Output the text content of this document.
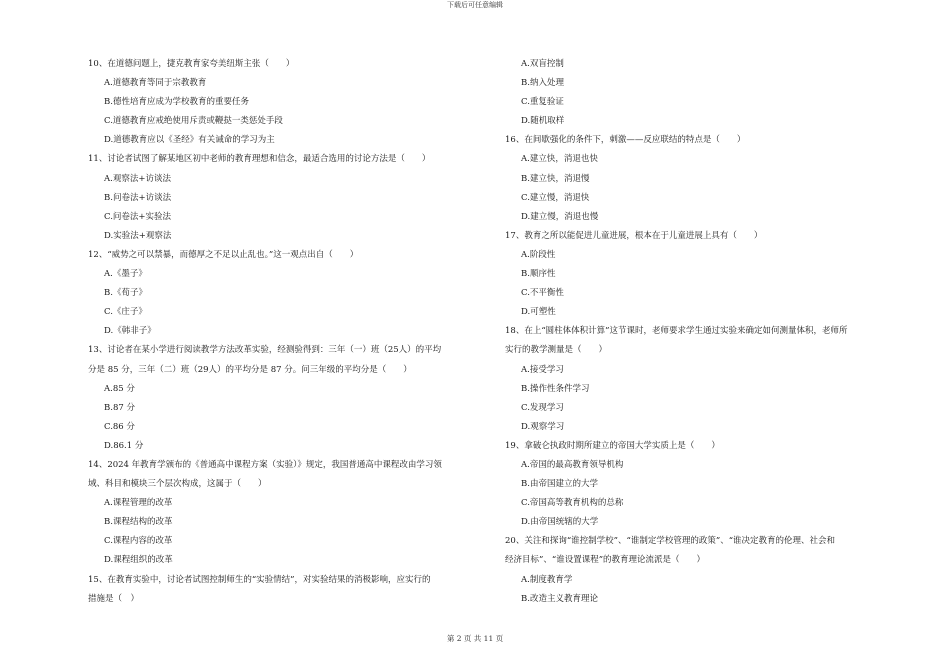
下载后可任意编辑
10、在道德问题上，捷克教育家夸美纽斯主张（　　）
A.道德教育等同于宗教教育
B.德性培育应成为学校教育的重要任务
C.道德教育应戒绝使用斥责或鞭挞一类惩处手段
D.道德教育应以《圣经》有关诫命的学习为主
11、讨论者试图了解某地区初中老师的教育理想和信念，最适合选用的讨论方法是（　　）
A.观察法+访谈法
B.问卷法+访谈法
C.问卷法+实验法
D.实验法+观察法
12、“威势之可以禁暴，而德厚之不足以止乱也。”这一观点出自（　　）
A.《墨子》
B.《荀子》
C.《庄子》
D.《韩非子》
13、讨论者在某小学进行阅读教学方法改革实验，经测验得到：三年（一）班（25人）的平均
分是 85 分，三年（二）班（29人）的平均分是 87 分。问三年级的平均分是（　　）
A.85 分
B.87 分
C.86 分
D.86.1 分
14、2024 年教育学颁布的《普通高中课程方案（实验）》规定，我国普通高中课程改由学习领
域、科目和模块三个层次构成，这属于（　　）
A.课程管理的改革
B.课程结构的改革
C.课程内容的改革
D.课程组织的改革
15、在教育实验中，讨论者试图控制师生的“实验情结”，对实验结果的消极影响，应实行的
措施是（　）
A.双盲控制
B.纳入处理
C.重复验证
D.随机取样
16、在间歇强化的条件下，刺激——反应联结的特点是（　　）
A.建立快，消退也快
B.建立快，消退慢
C.建立慢，消退快
D.建立慢，消退也慢
17、教育之所以能促进儿童进展，根本在于儿童进展上具有（　　）
A.阶段性
B.顺序性
C.不平衡性
D.可塑性
18、在上“圆柱体体积计算”这节课时，老师要求学生通过实验来确定如何测量体积，老师所
实行的教学测量是（　　）
A.接受学习
B.操作性条件学习
C.发现学习
D.观察学习
19、拿破仑执政时期所建立的帝国大学实质上是（　　）
A.帝国的最高教育领导机构
B.由帝国建立的大学
C.帝国高等教育机构的总称
D.由帝国统辖的大学
20、关注和探询“谁控制学校”、“谁制定学校管理的政策”、“谁决定教育的伦理、社会和
经济目标”、“谁设置课程”的教育理论流派是（　　）
A.制度教育学
B.改造主义教育理论
第 2 页 共 11 页
